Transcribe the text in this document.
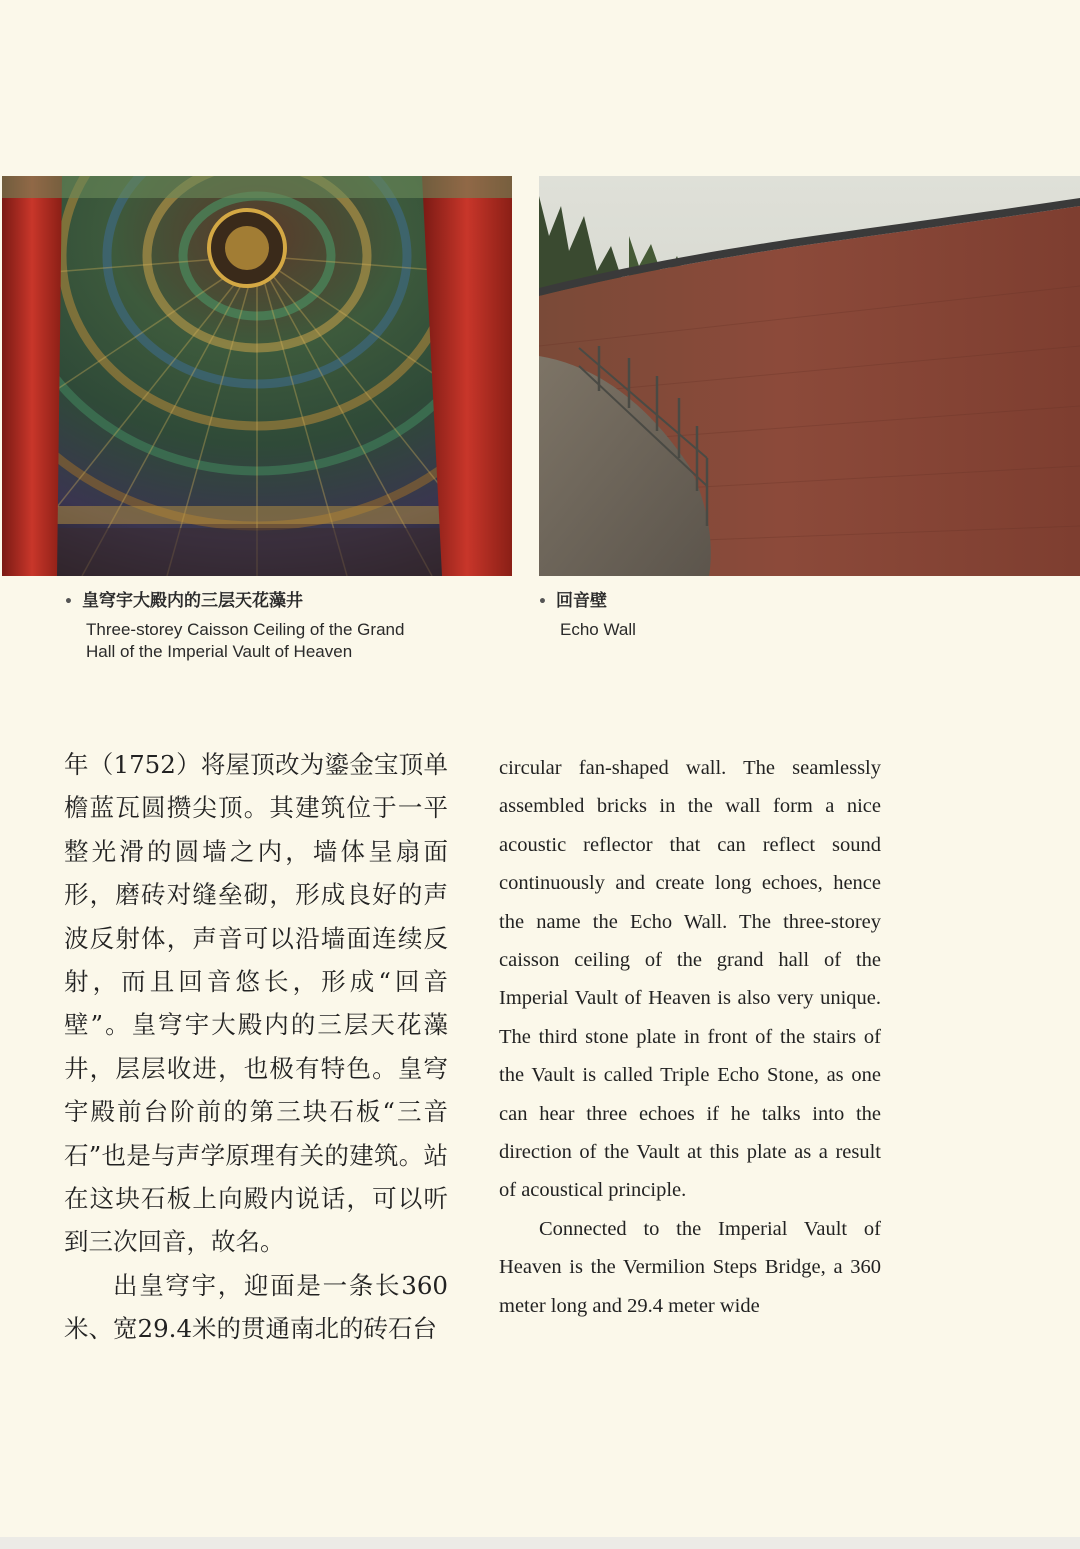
• 皇穹宇大殿内的三层天花藻井
Three-storey Caisson Ceiling of the Grand
Hall of the Imperial Vault of Heaven
• 回音壁
Echo Wall

年（1752）将屋顶改为鎏金宝顶单檐蓝瓦圆攒尖顶。其建筑位于一平整光滑的圆墙之内，墙体呈扇面形，磨砖对缝垒砌，形成良好的声波反射体，声音可以沿墙面连续反射，而且回音悠长，形成“回音壁”。皇穹宇大殿内的三层天花藻井，层层收进，也极有特色。皇穹宇殿前台阶前的第三块石板“三音石”也是与声学原理有关的建筑。站在这块石板上向殿内说话，可以听到三次回音，故名。

出皇穹宇，迎面是一条长360米、宽29.4米的贯通南北的砖石台

circular fan-shaped wall. The seamlessly assembled bricks in the wall form a nice acoustic reflector that can reflect sound continuously and create long echoes, hence the name the Echo Wall. The three-storey caisson ceiling of the grand hall of the Imperial Vault of Heaven is also very unique. The third stone plate in front of the stairs of the Vault is called Triple Echo Stone, as one can hear three echoes if he talks into the direction of the Vault at this plate as a result of acoustical principle.

Connected to the Imperial Vault of Heaven is the Vermilion Steps Bridge, a 360 meter long and 29.4 meter wide
